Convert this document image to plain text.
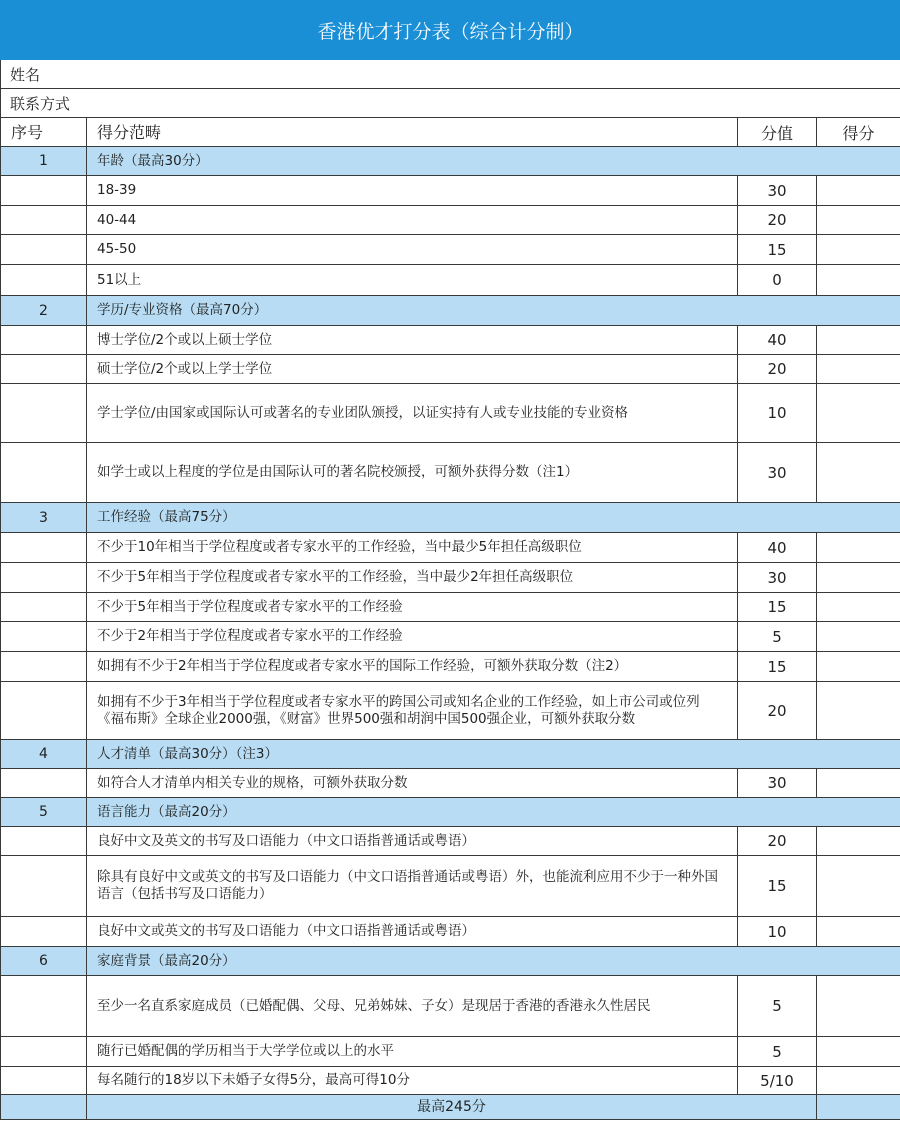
香港优才打分表（综合计分制）			
姓名			
联系方式			
序号	得分范畴	分值	得分
1	年龄（最高30分）		
	18-39	30	
	40-44	20	
	45-50	15	
	51以上	0	
2	学历/专业资格（最高70分）		
	博士学位/2个或以上硕士学位	40	
	硕士学位/2个或以上学士学位	20	
	学士学位/由国家或国际认可或著名的专业团队颁授，以证实持有人或专业技能的专业资格	10	
	如学士或以上程度的学位是由国际认可的著名院校颁授，可额外获得分数（注1）	30	
3	工作经验（最高75分）		
	不少于10年相当于学位程度或者专家水平的工作经验，当中最少5年担任高级职位	40	
	不少于5年相当于学位程度或者专家水平的工作经验，当中最少2年担任高级职位	30	
	不少于5年相当于学位程度或者专家水平的工作经验	15	
	不少于2年相当于学位程度或者专家水平的工作经验	5	
	如拥有不少于2年相当于学位程度或者专家水平的国际工作经验，可额外获取分数（注2）	15	
	如拥有不少于3年相当于学位程度或者专家水平的跨国公司或知名企业的工作经验，如上市公司或位列《福布斯》全球企业2000强，《财富》世界500强和胡润中国500强企业，可额外获取分数	20	
4	人才清单（最高30分）（注3）		
	如符合人才清单内相关专业的规格，可额外获取分数	30	
5	语言能力（最高20分）		
	良好中文及英文的书写及口语能力（中文口语指普通话或粤语）	20	
	除具有良好中文或英文的书写及口语能力（中文口语指普通话或粤语）外，也能流利应用不少于一种外国语言（包括书写及口语能力）	15	
	良好中文或英文的书写及口语能力（中文口语指普通话或粤语）	10	
6	家庭背景（最高20分）		
	至少一名直系家庭成员（已婚配偶、父母、兄弟姊妹、子女）是现居于香港的香港永久性居民	5	
	随行已婚配偶的学历相当于大学学位或以上的水平	5	
	每名随行的18岁以下未婚子女得5分，最高可得10分	5/10	
	最高245分		
